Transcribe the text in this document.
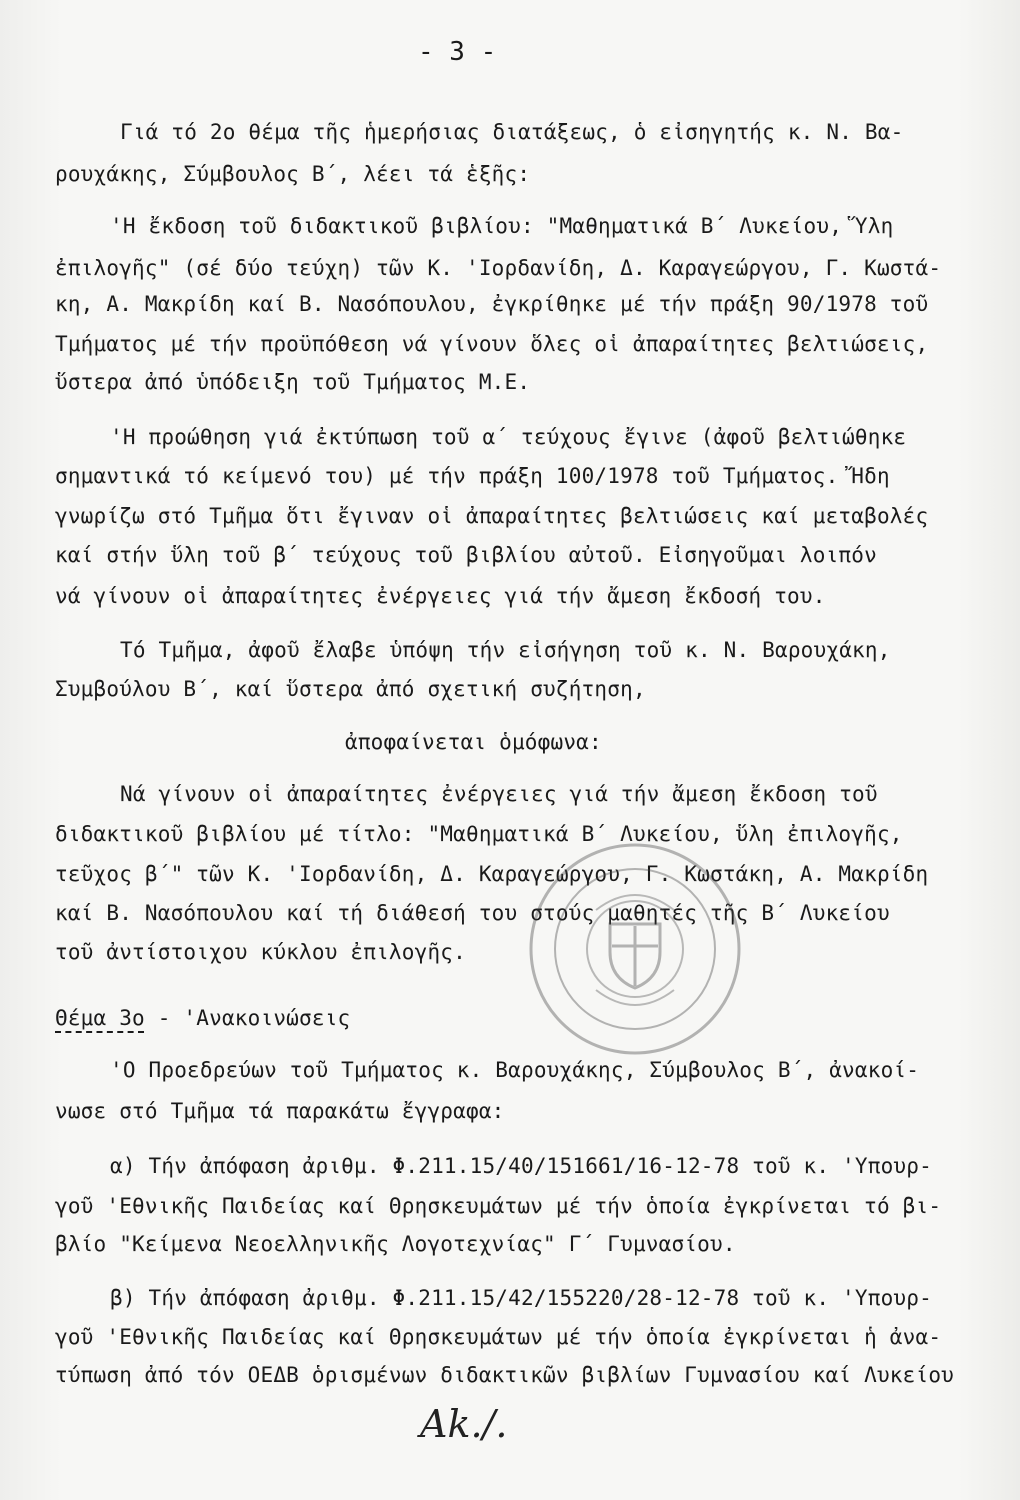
- 3 -
Γιά τό 2ο θέμα τῆς ἡμερήσιας διατάξεως, ὁ εἰσηγητής κ. Ν. Βα-
ρουχάκης, Σύμβουλος Β΄, λέει τά ἑξῆς:
'Η ἔκδοση τοῦ διδακτικοῦ βιβλίου: "Μαθηματικά Β΄ Λυκείου, Ὕλη
ἐπιλογῆς" (σέ δύο τεύχη) τῶν Κ. 'Ιορδανίδη, Δ. Καραγεώργου, Γ. Κωστά-
κη, Α. Μακρίδη καί Β. Νασόπουλου, ἐγκρίθηκε μέ τήν πράξη 90/1978 τοῦ
Τμήματος μέ τήν προϋπόθεση νά γίνουν ὅλες οἱ ἀπαραίτητες βελτιώσεις,
ὕστερα ἀπό ὑπόδειξη τοῦ Τμήματος Μ.Ε.
'Η προώθηση γιά ἐκτύπωση τοῦ α΄ τεύχους ἔγινε (ἀφοῦ βελτιώθηκε
σημαντικά τό κείμενό του) μέ τήν πράξη 100/1978 τοῦ Τμήματος. Ἤδη
γνωρίζω στό Τμῆμα ὅτι ἔγιναν οἱ ἀπαραίτητες βελτιώσεις καί μεταβολές
καί στήν ὕλη τοῦ β΄ τεύχους τοῦ βιβλίου αὐτοῦ. Εἰσηγοῦμαι λοιπόν
νά γίνουν οἱ ἀπαραίτητες ἐνέργειες γιά τήν ἄμεση ἔκδοσή του.
Τό Τμῆμα, ἀφοῦ ἔλαβε ὑπόψη τήν εἰσήγηση τοῦ κ. Ν. Βαρουχάκη,
Συμβούλου Β΄, καί ὕστερα ἀπό σχετική συζήτηση,
ἀποφαίνεται ὁμόφωνα:
Νά γίνουν οἱ ἀπαραίτητες ἐνέργειες γιά τήν ἄμεση ἔκδοση τοῦ
διδακτικοῦ βιβλίου μέ τίτλο: "Μαθηματικά Β΄ Λυκείου, ὕλη ἐπιλογῆς,
τεῦχος β΄" τῶν Κ. 'Ιορδανίδη, Δ. Καραγεώργου, Γ. Κωστάκη, Α. Μακρίδη
καί Β. Νασόπουλου καί τή διάθεσή του στούς μαθητές τῆς Β΄ Λυκείου
τοῦ ἀντίστοιχου κύκλου ἐπιλογῆς.
Θέμα 3ο - 'Ανακοινώσεις
'Ο Προεδρεύων τοῦ Τμήματος κ. Βαρουχάκης, Σύμβουλος Β΄, ἀνακοί-
νωσε στό Τμῆμα τά παρακάτω ἔγγραφα:
α) Τήν ἀπόφαση ἀριθμ. Φ.211.15/40/151661/16-12-78 τοῦ κ. 'Υπουρ-
γοῦ 'Εθνικῆς Παιδείας καί Θρησκευμάτων μέ τήν ὁποία ἐγκρίνεται τό βι-
βλίο "Κείμενα Νεοελληνικῆς Λογοτεχνίας" Γ΄ Γυμνασίου.
β) Τήν ἀπόφαση ἀριθμ. Φ.211.15/42/155220/28-12-78 τοῦ κ. 'Υπουρ-
γοῦ 'Εθνικῆς Παιδείας καί Θρησκευμάτων μέ τήν ὁποία ἐγκρίνεται ἡ ἀνα-
τύπωση ἀπό τόν ΟΕΔΒ ὁρισμένων διδακτικῶν βιβλίων Γυμνασίου καί Λυκείου
Ak./.
